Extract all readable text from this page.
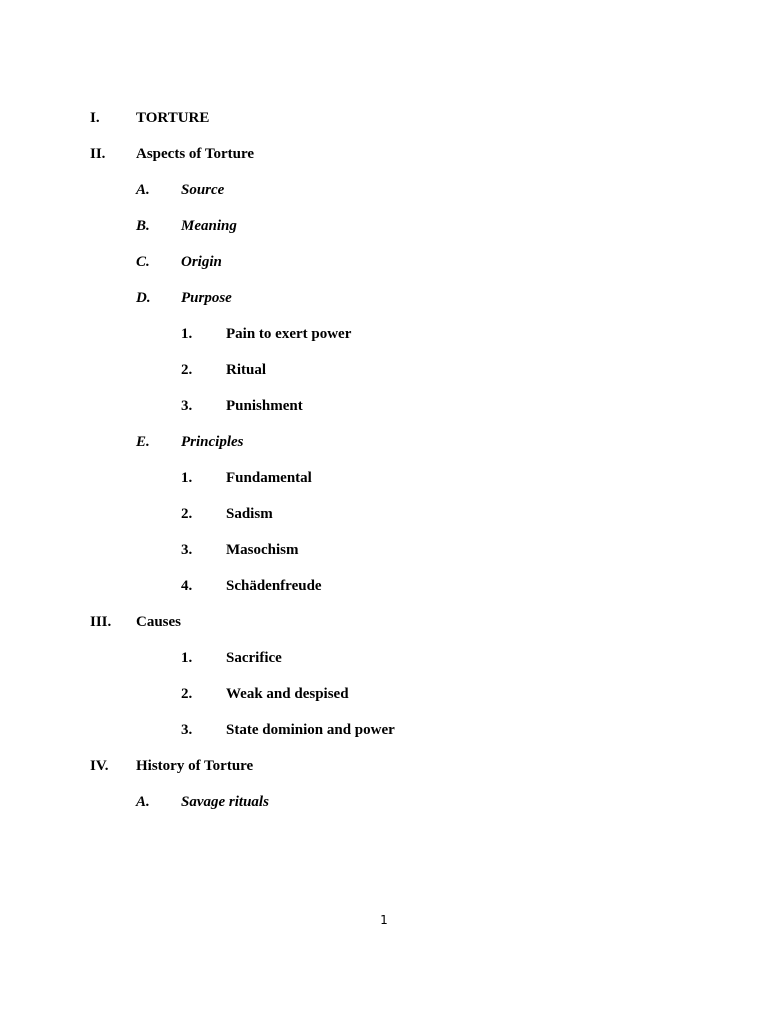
I. TORTURE
II. Aspects of Torture
A. Source
B. Meaning
C. Origin
D. Purpose
1. Pain to exert power
2. Ritual
3. Punishment
E. Principles
1. Fundamental
2. Sadism
3. Masochism
4. Schädenfreude
III. Causes
1. Sacrifice
2. Weak and despised
3. State dominion and power
IV. History of Torture
A. Savage rituals
1
